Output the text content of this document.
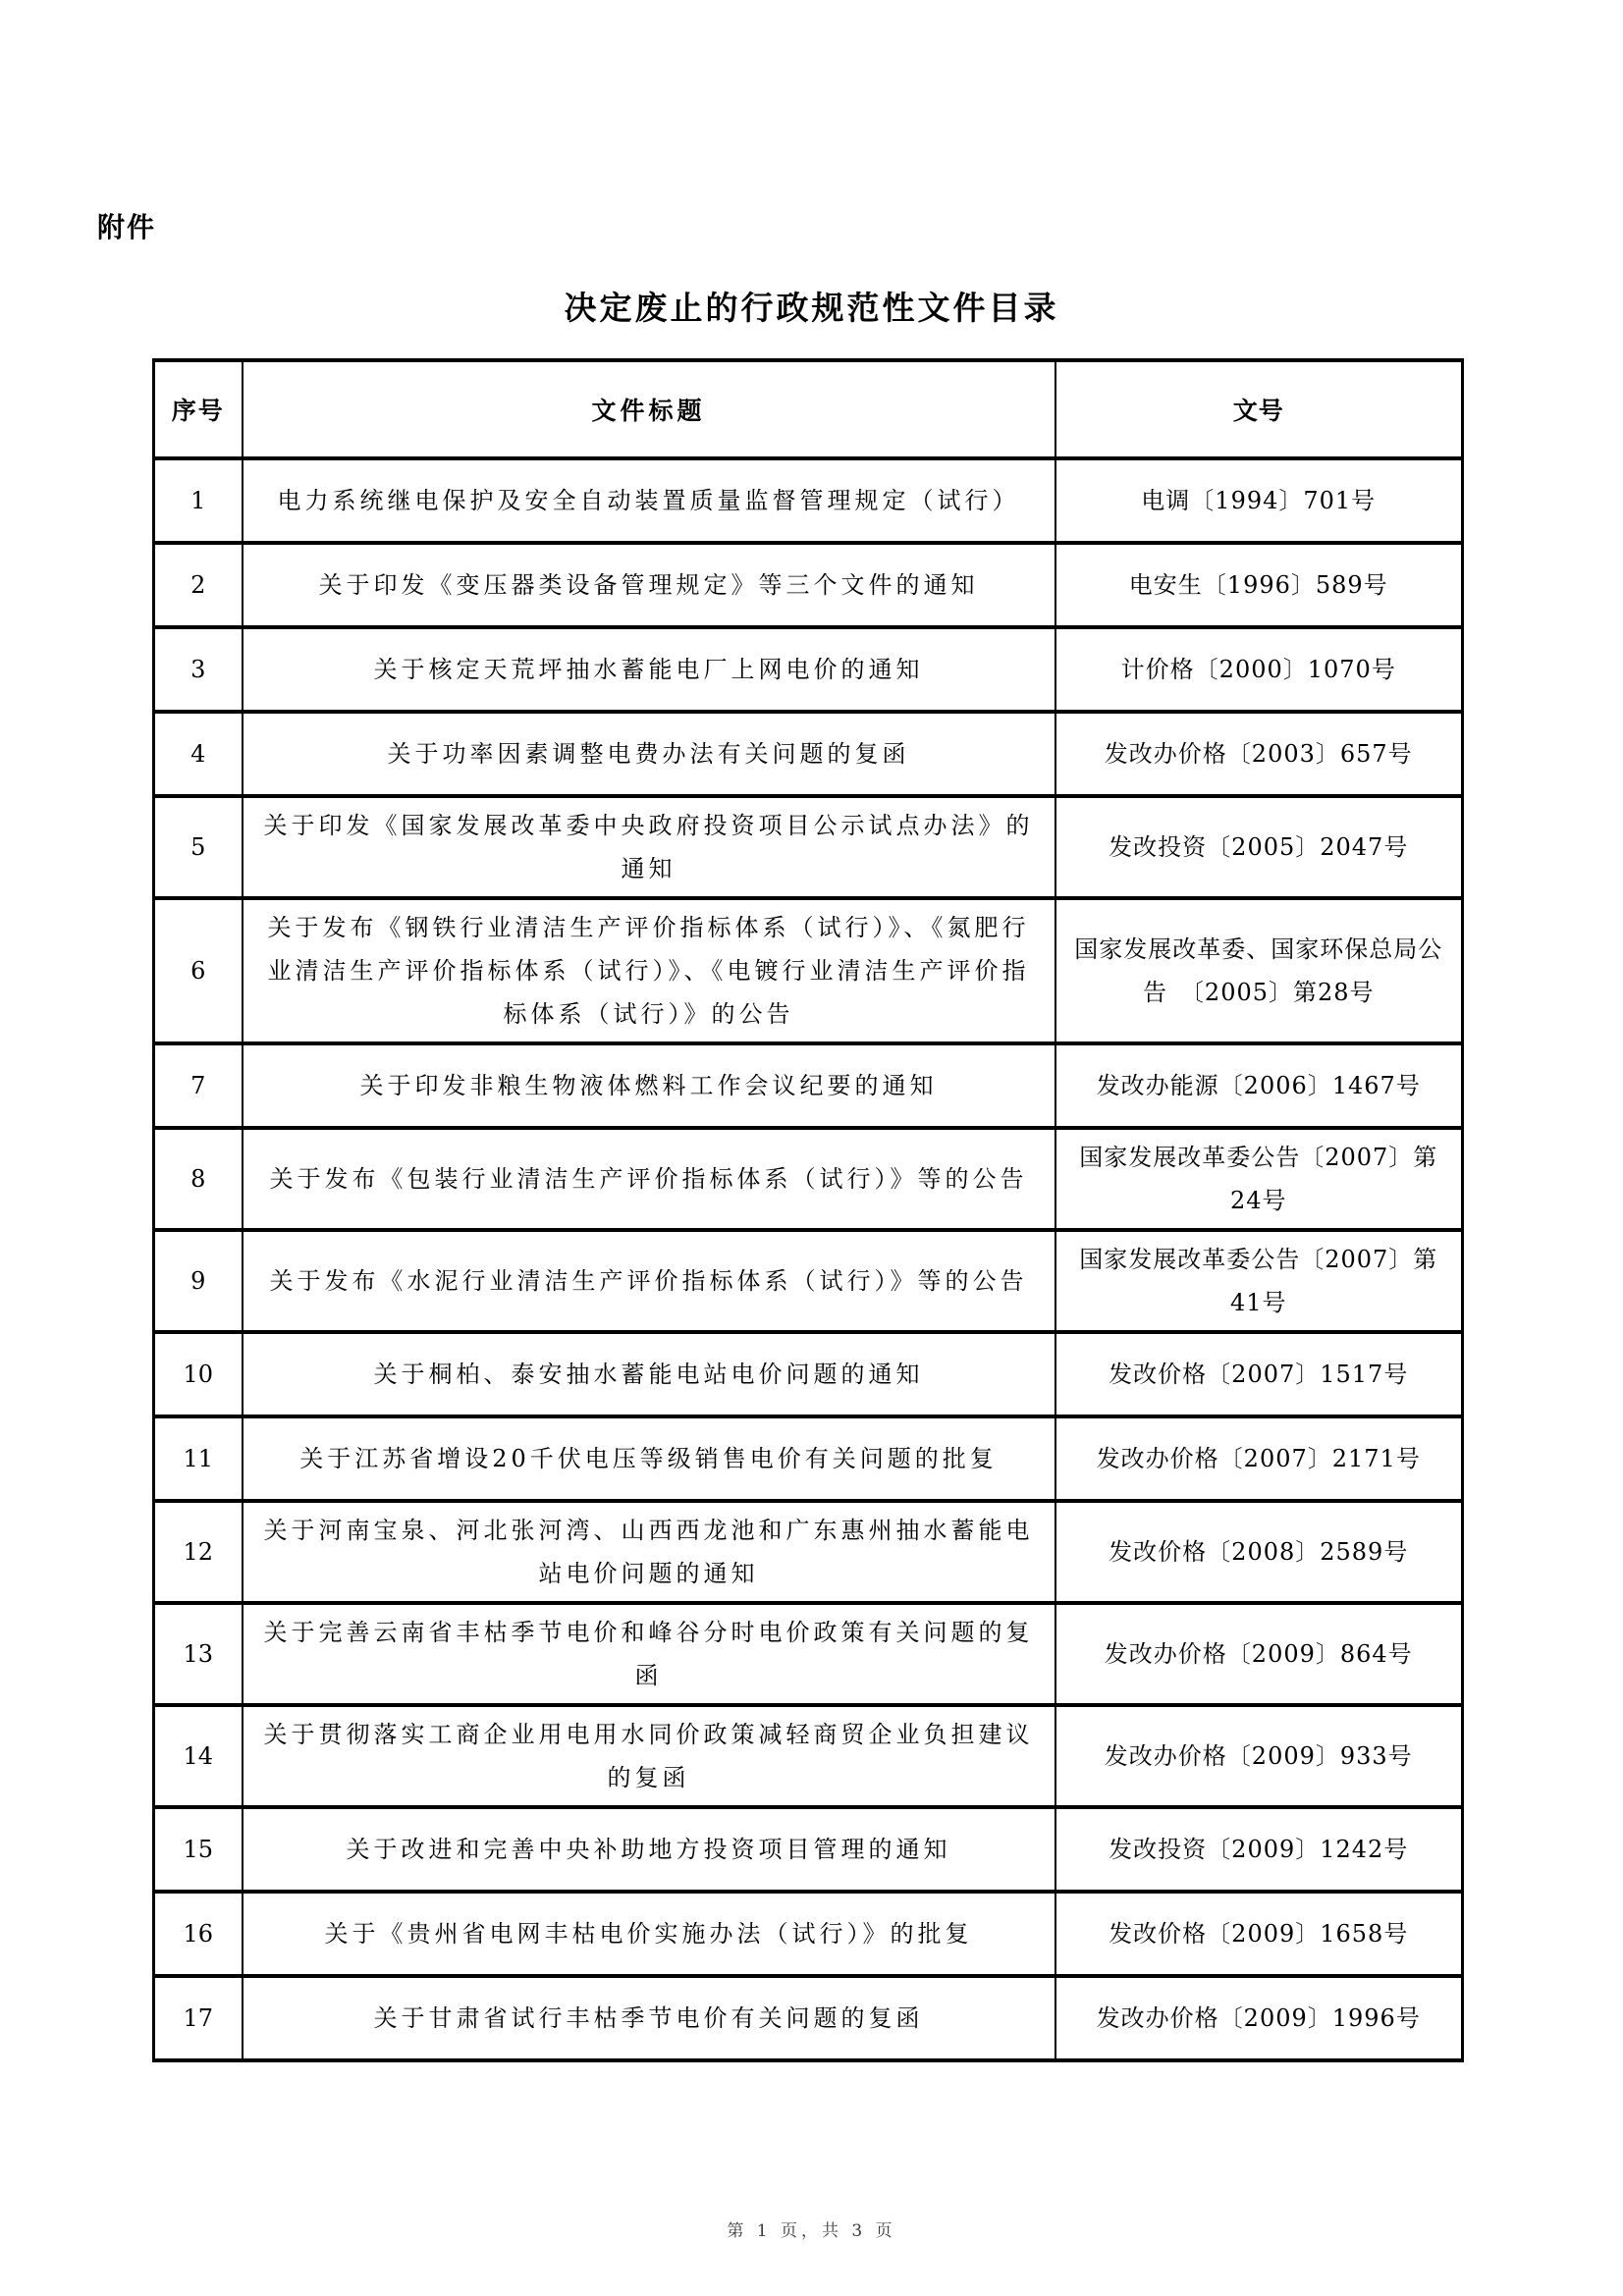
附件
决定废止的行政规范性文件目录
序号	文件标题	文号
1	电力系统继电保护及安全自动装置质量监督管理规定（试行）	电调〔1994〕701号
2	关于印发《变压器类设备管理规定》等三个文件的通知	电安生〔1996〕589号
3	关于核定天荒坪抽水蓄能电厂上网电价的通知	计价格〔2000〕1070号
4	关于功率因素调整电费办法有关问题的复函	发改办价格〔2003〕657号
5	关于印发《国家发展改革委中央政府投资项目公示试点办法》的通知	发改投资〔2005〕2047号
6	关于发布《钢铁行业清洁生产评价指标体系（试行）》、《氮肥行业清洁生产评价指标体系（试行）》、《电镀行业清洁生产评价指标体系（试行）》的公告	国家发展改革委、国家环保总局公告　〔2005〕第28号
7	关于印发非粮生物液体燃料工作会议纪要的通知	发改办能源〔2006〕1467号
8	关于发布《包装行业清洁生产评价指标体系（试行）》等的公告	国家发展改革委公告〔2007〕第24号
9	关于发布《水泥行业清洁生产评价指标体系（试行）》等的公告	国家发展改革委公告〔2007〕第41号
10	关于桐柏、泰安抽水蓄能电站电价问题的通知	发改价格〔2007〕1517号
11	关于江苏省增设20千伏电压等级销售电价有关问题的批复	发改办价格〔2007〕2171号
12	关于河南宝泉、河北张河湾、山西西龙池和广东惠州抽水蓄能电站电价问题的通知	发改价格〔2008〕2589号
13	关于完善云南省丰枯季节电价和峰谷分时电价政策有关问题的复函	发改办价格〔2009〕864号
14	关于贯彻落实工商企业用电用水同价政策减轻商贸企业负担建议的复函	发改办价格〔2009〕933号
15	关于改进和完善中央补助地方投资项目管理的通知	发改投资〔2009〕1242号
16	关于《贵州省电网丰枯电价实施办法（试行）》的批复	发改价格〔2009〕1658号
17	关于甘肃省试行丰枯季节电价有关问题的复函	发改办价格〔2009〕1996号
第 1 页，共 3 页
